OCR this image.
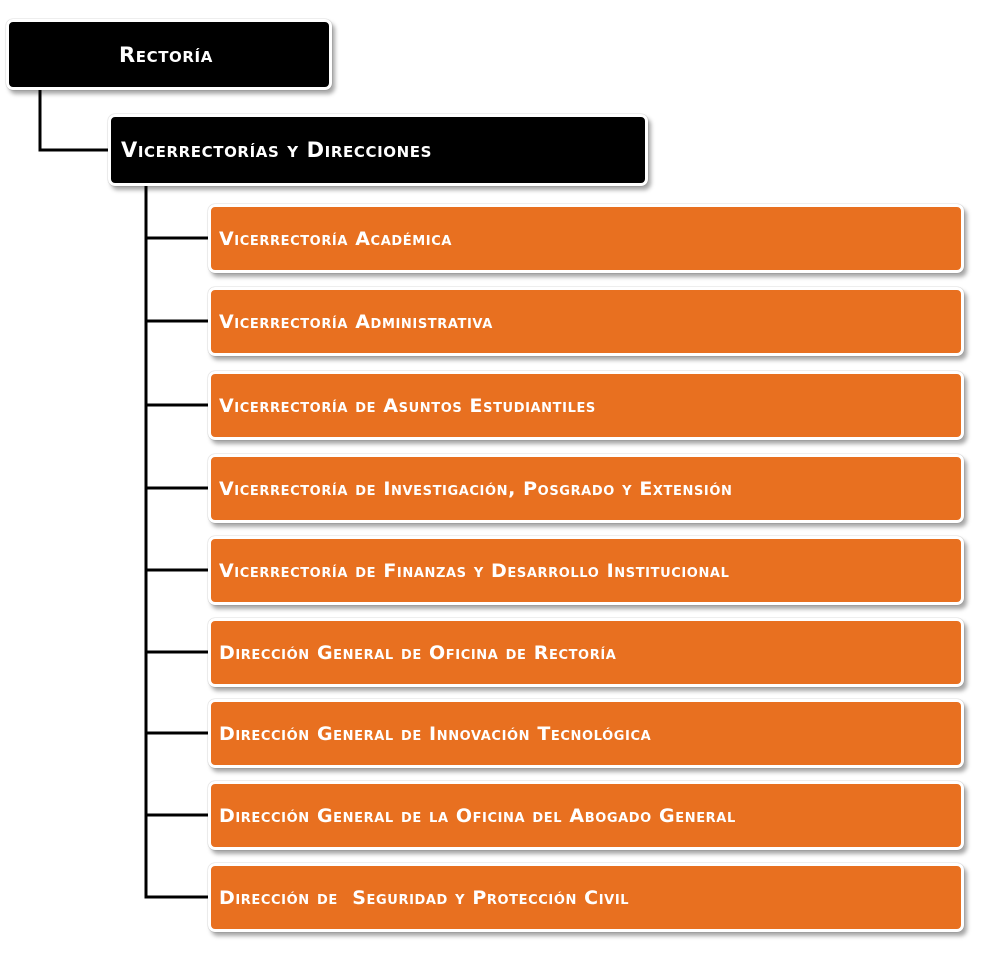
Rectoría
Vicerrectorías y Direcciones
Vicerrectoría Académica
Vicerrectoría Administrativa
Vicerrectoría de Asuntos Estudiantiles
Vicerrectoría de Investigación, Posgrado y Extensión
Vicerrectoría de Finanzas y Desarrollo Institucional
Dirección General de Oficina de Rectoría
Dirección General de Innovación Tecnológica
Dirección General de la Oficina del Abogado General
Dirección de  Seguridad y Protección Civil
